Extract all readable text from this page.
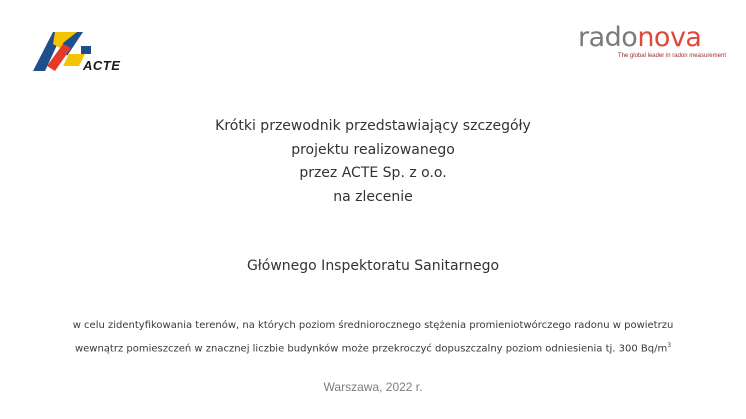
ACTE
radonova
The global leader in radon measurement
Krótki przewodnik przedstawiający szczegóły
projektu realizowanego
przez ACTE Sp. z o.o.
na zlecenie
Głównego Inspektoratu Sanitarnego
w celu zidentyfikowania terenów, na których poziom średniorocznego stężenia promieniotwórczego radonu w powietrzu
wewnątrz pomieszczeń w znacznej liczbie budynków może przekroczyć dopuszczalny poziom odniesienia tj. 300 $Bq/m^3$
Warszawa, 2022 r.
